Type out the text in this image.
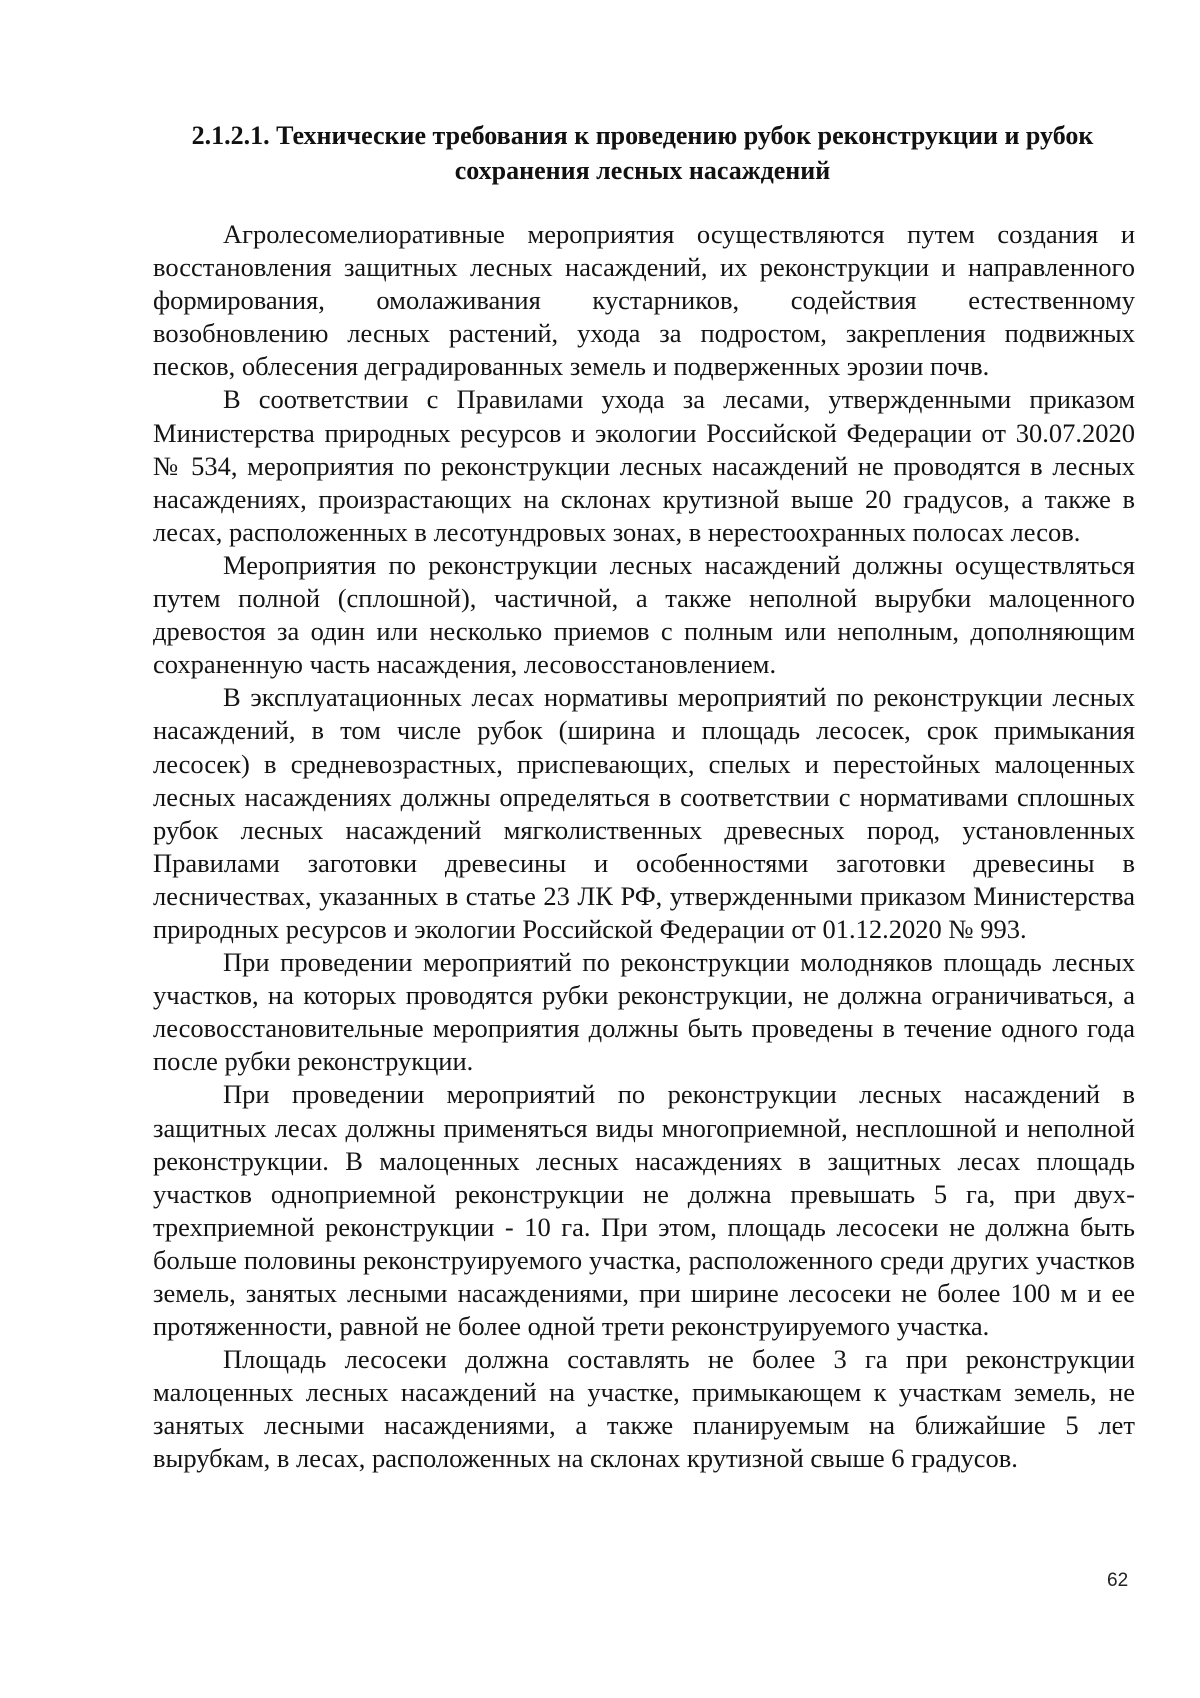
2.1.2.1. Технические требования к проведению рубок реконструкции и рубок сохранения лесных насаждений

Агролесомелиоративные мероприятия осуществляются путем создания и восстановления защитных лесных насаждений, их реконструкции и направленного формирования, омолаживания кустарников, содействия естественному возобновлению лесных растений, ухода за подростом, закрепления подвижных песков, облесения деградированных земель и подверженных эрозии почв.

В соответствии с Правилами ухода за лесами, утвержденными приказом Министерства природных ресурсов и экологии Российской Федерации от 30.07.2020 № 534, мероприятия по реконструкции лесных насаждений не проводятся в лесных насаждениях, произрастающих на склонах крутизной выше 20 градусов, а также в лесах, расположенных в лесотундровых зонах, в нерестоохранных полосах лесов.

Мероприятия по реконструкции лесных насаждений должны осуществляться путем полной (сплошной), частичной, а также неполной вырубки малоценного древостоя за один или несколько приемов с полным или неполным, дополняющим сохраненную часть насаждения, лесовосстановлением.

В эксплуатационных лесах нормативы мероприятий по реконструкции лесных насаждений, в том числе рубок (ширина и площадь лесосек, срок примыкания лесосек) в средневозрастных, приспевающих, спелых и перестойных малоценных лесных насаждениях должны определяться в соответствии с нормативами сплошных рубок лесных насаждений мягколиственных древесных пород, установленных Правилами заготовки древесины и особенностями заготовки древесины в лесничествах, указанных в статье 23 ЛК РФ, утвержденными приказом Министерства природных ресурсов и экологии Российской Федерации от 01.12.2020 № 993.

При проведении мероприятий по реконструкции молодняков площадь лесных участков, на которых проводятся рубки реконструкции, не должна ограничиваться, а лесовосстановительные мероприятия должны быть проведены в течение одного года после рубки реконструкции.

При проведении мероприятий по реконструкции лесных насаждений в защитных лесах должны применяться виды многоприемной, несплошной и неполной реконструкции. В малоценных лесных насаждениях в защитных лесах площадь участков одноприемной реконструкции не должна превышать 5 га, при двух-трехприемной реконструкции - 10 га. При этом, площадь лесосеки не должна быть больше половины реконструируемого участка, расположенного среди других участков земель, занятых лесными насаждениями, при ширине лесосеки не более 100 м и ее протяженности, равной не более одной трети реконструируемого участка.

Площадь лесосеки должна составлять не более 3 га при реконструкции малоценных лесных насаждений на участке, примыкающем к участкам земель, не занятых лесными насаждениями, а также планируемым на ближайшие 5 лет вырубкам, в лесах, расположенных на склонах крутизной свыше 6 градусов.

62
